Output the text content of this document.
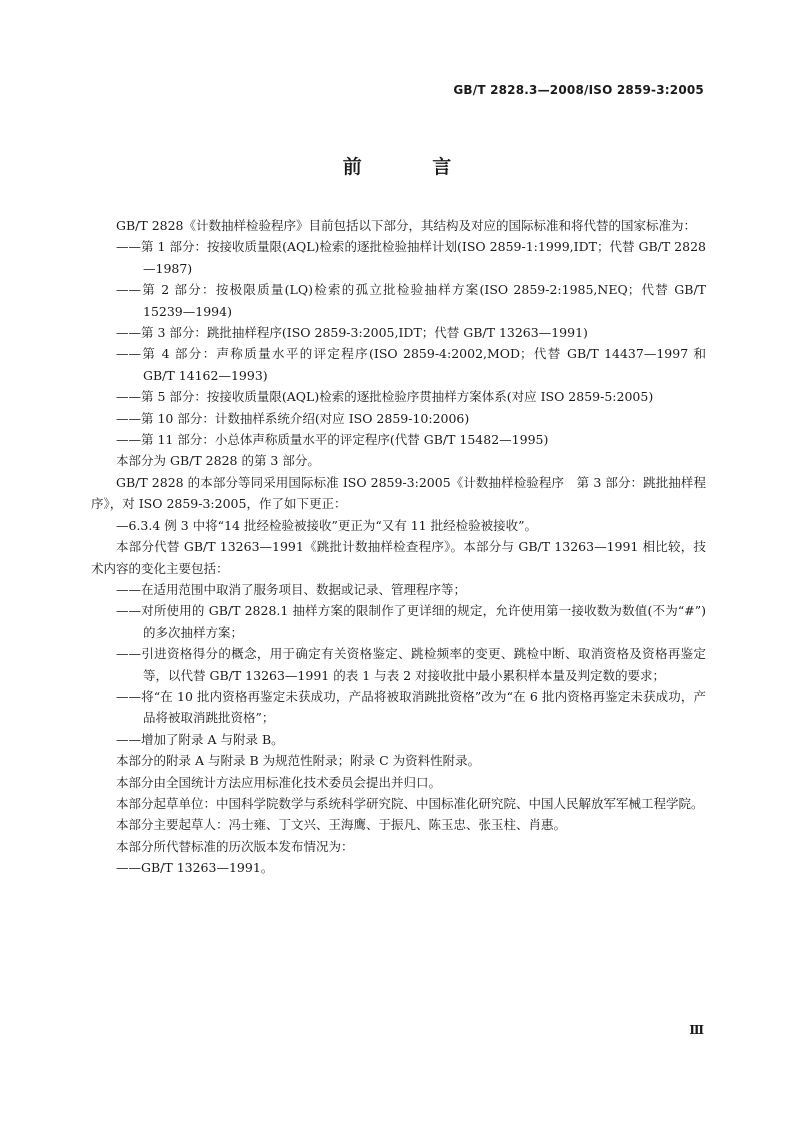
GB/T 2828.3—2008/ISO 2859-3:2005
前 言

GB/T 2828《计数抽样检验程序》目前包括以下部分，其结构及对应的国际标准和将代替的国家标准为：

——第 1 部分：按接收质量限(AQL)检索的逐批检验抽样计划(ISO 2859-1:1999,IDT；代替 GB/T 2828—1987)

——第 2 部分：按极限质量(LQ)检索的孤立批检验抽样方案(ISO 2859-2:1985,NEQ；代替 GB/T 15239—1994)

——第 3 部分：跳批抽样程序(ISO 2859-3:2005,IDT；代替 GB/T 13263—1991)

——第 4 部分：声称质量水平的评定程序(ISO 2859-4:2002,MOD；代替 GB/T 14437—1997 和 GB/T 14162—1993)

——第 5 部分：按接收质量限(AQL)检索的逐批检验序贯抽样方案体系(对应 ISO 2859-5:2005)

——第 10 部分：计数抽样系统介绍(对应 ISO 2859-10:2006)

——第 11 部分：小总体声称质量水平的评定程序(代替 GB/T 15482—1995)

本部分为 GB/T 2828 的第 3 部分。

GB/T 2828 的本部分等同采用国际标准 ISO 2859-3:2005《计数抽样检验程序　第 3 部分：跳批抽样程序》，对 ISO 2859-3:2005，作了如下更正：

—6.3.4 例 3 中将“14 批经检验被接收”更正为“又有 11 批经检验被接收”。

本部分代替 GB/T 13263—1991《跳批计数抽样检查程序》。本部分与 GB/T 13263—1991 相比较，技术内容的变化主要包括：

——在适用范围中取消了服务项目、数据或记录、管理程序等；

——对所使用的 GB/T 2828.1 抽样方案的限制作了更详细的规定，允许使用第一接收数为数值(不为“#”)的多次抽样方案；

——引进资格得分的概念，用于确定有关资格鉴定、跳检频率的变更、跳检中断、取消资格及资格再鉴定等，以代替 GB/T 13263—1991 的表 1 与表 2 对接收批中最小累积样本量及判定数的要求；

——将“在 10 批内资格再鉴定未获成功，产品将被取消跳批资格”改为“在 6 批内资格再鉴定未获成功，产品将被取消跳批资格”；

——增加了附录 A 与附录 B。

本部分的附录 A 与附录 B 为规范性附录；附录 C 为资料性附录。

本部分由全国统计方法应用标准化技术委员会提出并归口。

本部分起草单位：中国科学院数学与系统科学研究院、中国标准化研究院、中国人民解放军军械工程学院。

本部分主要起草人：冯士雍、丁文兴、王海鹰、于振凡、陈玉忠、张玉柱、肖惠。

本部分所代替标准的历次版本发布情况为：

——GB/T 13263—1991。

Ⅲ
